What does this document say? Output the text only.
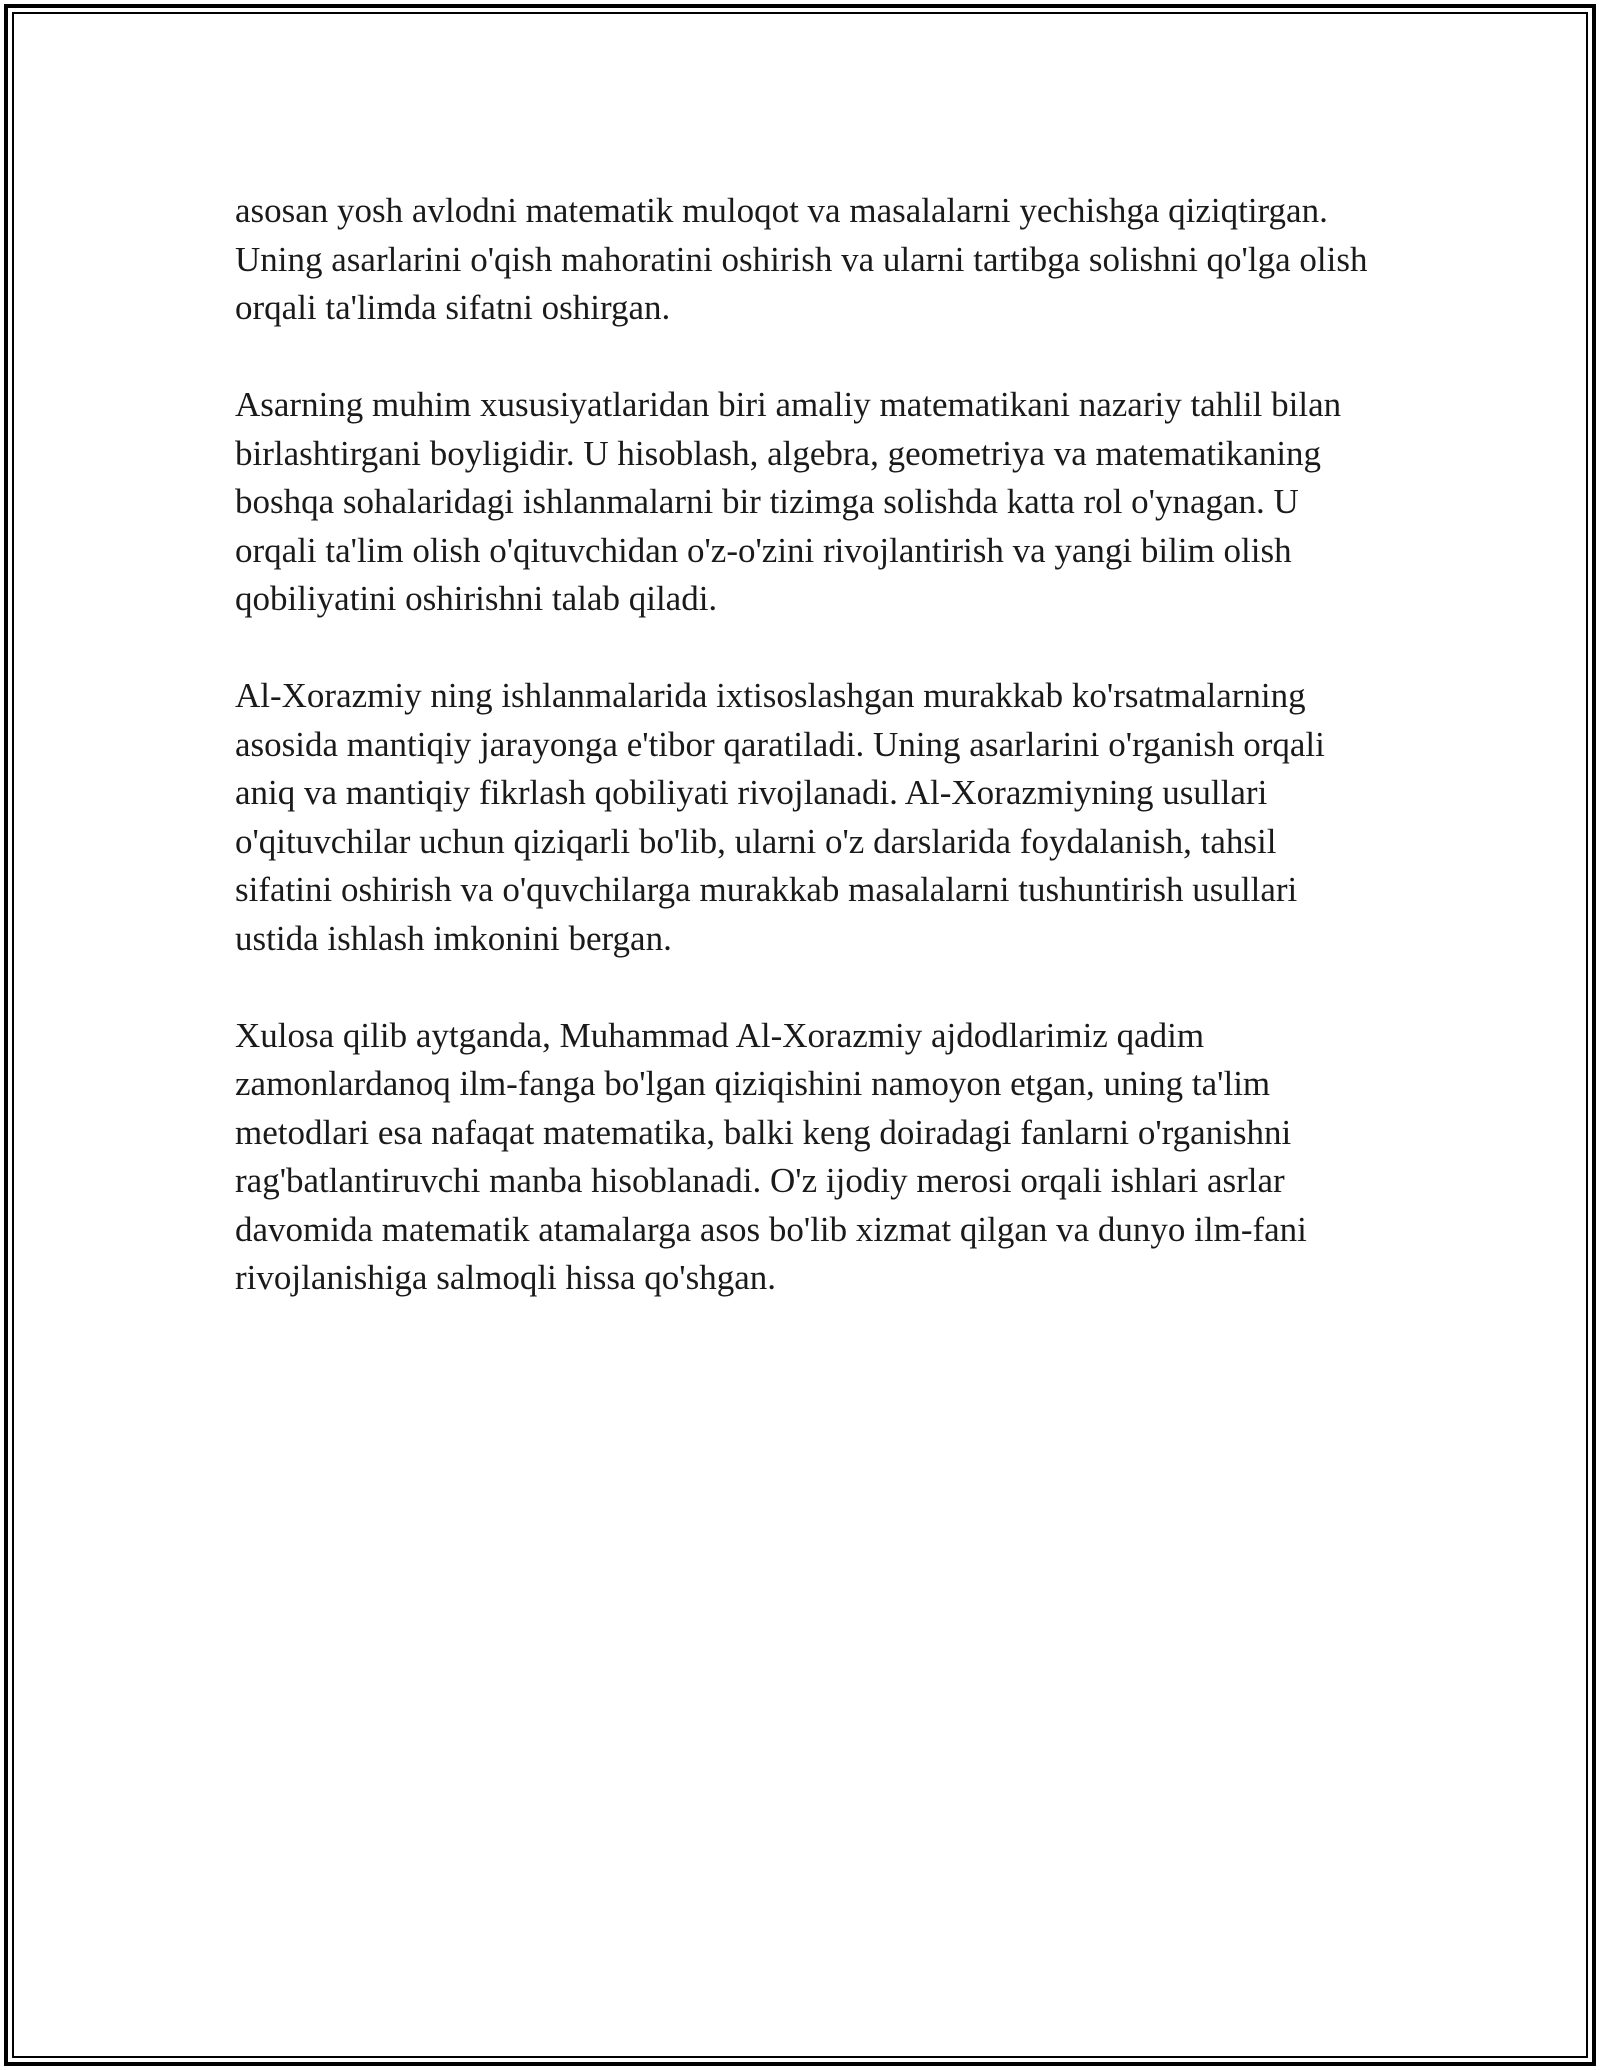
asosan yosh avlodni matematik muloqot va masalalarni yechishga qiziqtirgan. Uning asarlarini o'qish mahoratini oshirish va ularni tartibga solishni qo'lga olish orqali ta'limda sifatni oshirgan.

Asarning muhim xususiyatlaridan biri amaliy matematikani nazariy tahlil bilan birlashtirgani boyligidir. U hisoblash, algebra, geometriya va matematikaning boshqa sohalaridagi ishlanmalarni bir tizimga solishda katta rol o'ynagan. U orqali ta'lim olish o'qituvchidan o'z-o'zini rivojlantirish va yangi bilim olish qobiliyatini oshirishni talab qiladi.

Al-Xorazmiy ning ishlanmalarida ixtisoslashgan murakkab ko'rsatmalarning asosida mantiqiy jarayonga e'tibor qaratiladi. Uning asarlarini o'rganish orqali aniq va mantiqiy fikrlash qobiliyati rivojlanadi. Al-Xorazmiyning usullari o'qituvchilar uchun qiziqarli bo'lib, ularni o'z darslarida foydalanish, tahsil sifatini oshirish va o'quvchilarga murakkab masalalarni tushuntirish usullari ustida ishlash imkonini bergan.

Xulosa qilib aytganda, Muhammad Al-Xorazmiy ajdodlarimiz qadim zamonlardanoq ilm-fanga bo'lgan qiziqishini namoyon etgan, uning ta'lim metodlari esa nafaqat matematika, balki keng doiradagi fanlarni o'rganishni rag'batlantiruvchi manba hisoblanadi. O'z ijodiy merosi orqali ishlari asrlar davomida matematik atamalarga asos bo'lib xizmat qilgan va dunyo ilm-fani rivojlanishiga salmoqli hissa qo'shgan.
